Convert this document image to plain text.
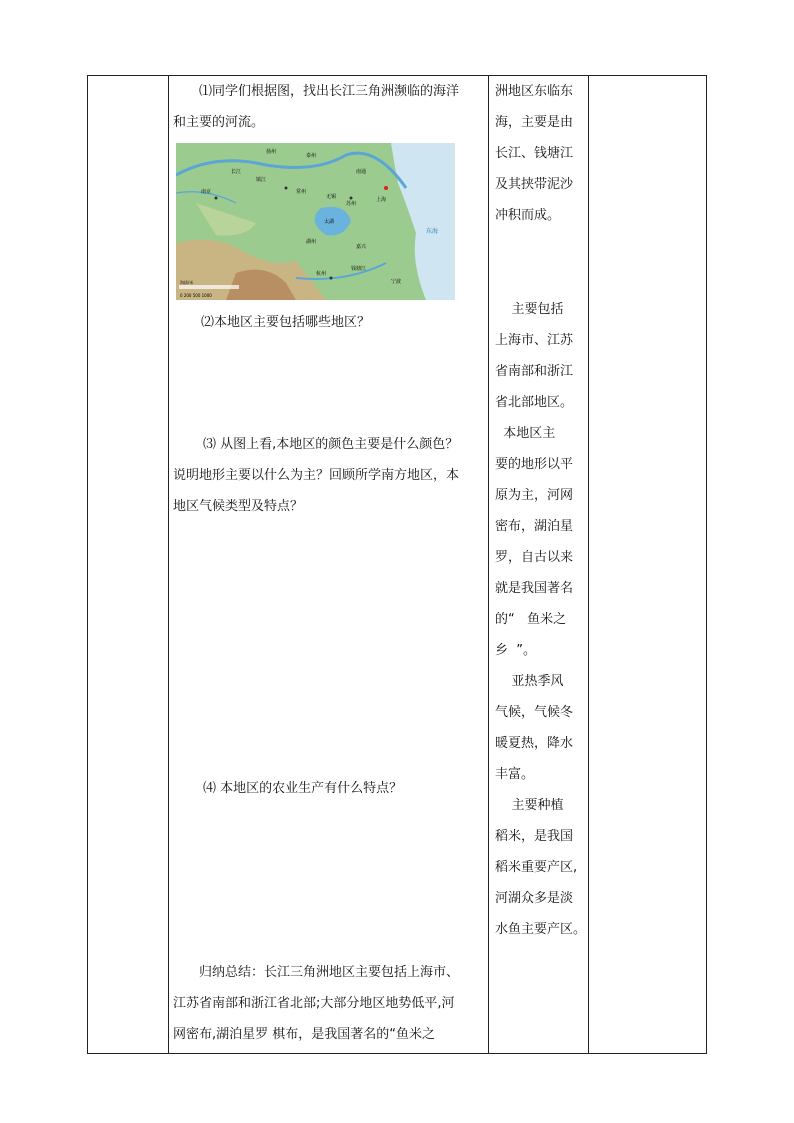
⑴同学们根据图，找出长江三角洲濒临的海洋

和主要的河流。

扬州
泰州
南通
上海
苏州
无锡
常州
镇江
南京
杭州
嘉兴
湖州
宁波
太湖
东海
钱塘江
长江
海拔/米
0 200 500 1000

⑵本地区主要包括哪些地区？

⑶ 从图上看,本地区的颜色主要是什么颜色？

说明地形主要以什么为主？回顾所学南方地区，本

地区气候类型及特点？

⑷ 本地区的农业生产有什么特点？

归纳总结：长江三角洲地区主要包括上海市、

江苏省南部和浙江省北部;大部分地区地势低平,河

网密布,湖泊星罗 棋布，是我国著名的“鱼米之

洲地区东临东

海，主要是由

长江、钱塘江

及其挟带泥沙

冲积而成。

主要包括

上海市、江苏

省南部和浙江

省北部地区。

本地区主

要的地形以平

原为主，河网

密布，湖泊星

罗，自古以来

就是我国著名

的“   鱼米之

乡  ”。

亚热季风

气候，气候冬

暖夏热，降水

丰富。

主要种植

稻米，是我国

稻米重要产区,

河湖众多是淡

水鱼主要产区。
